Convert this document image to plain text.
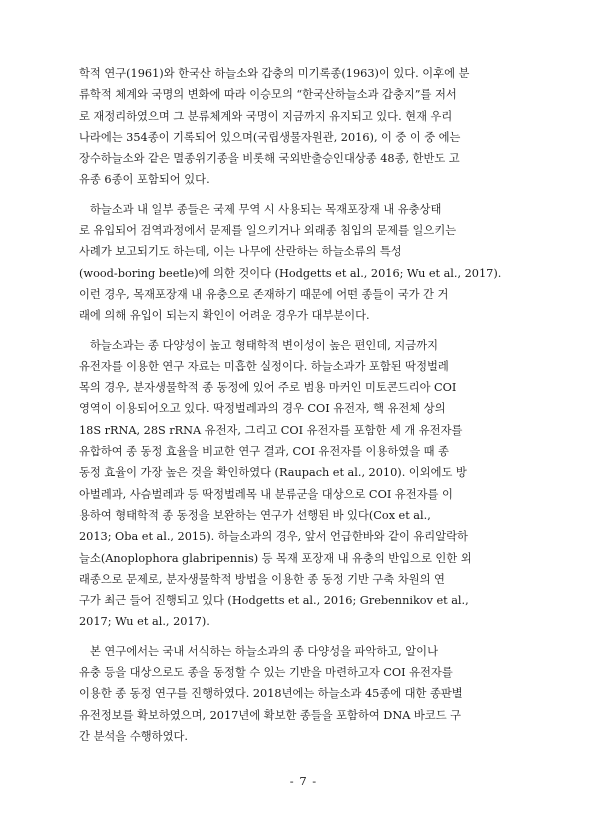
학적 연구(1961)와 한국산 하늘소와 갑충의 미기록종(1963)이 있다. 이후에 분
류학적 체계와 국명의 변화에 따라 이승모의 “한국산하늘소과 갑충지”를 저서
로 재정리하였으며 그 분류체계와 국명이 지금까지 유지되고 있다. 현재 우리
나라에는 354종이 기록되어 있으며(국립생물자원관, 2016), 이 중 이 중 에는
장수하늘소와 같은 멸종위기종을 비롯해 국외반출승인대상종 48종, 한반도 고
유종 6종이 포함되어 있다.
하늘소과 내 일부 종들은 국제 무역 시 사용되는 목재포장재 내 유충상태
로 유입되어 검역과정에서 문제를 일으키거나 외래종 침입의 문제를 일으키는
사례가 보고되기도 하는데, 이는 나무에 산란하는 하늘소류의 특성
(wood-boring beetle)에 의한 것이다 (Hodgetts et al., 2016; Wu et al., 2017).
이런 경우, 목재포장재 내 유충으로 존재하기 때문에 어떤 종들이 국가 간 거
래에 의해 유입이 되는지 확인이 어려운 경우가 대부분이다.
하늘소과는 종 다양성이 높고 형태학적 변이성이 높은 편인데, 지금까지
유전자를 이용한 연구 자료는 미흡한 실정이다. 하늘소과가 포함된 딱정벌레
목의 경우, 분자생물학적 종 동정에 있어 주로 범용 마커인 미토콘드리아 COI
영역이 이용되어오고 있다. 딱정벌레과의 경우 COI 유전자, 핵 유전체 상의
18S rRNA, 28S rRNA 유전자, 그리고 COI 유전자를 포함한 세 개 유전자를
유합하여 종 동정 효율을 비교한 연구 결과, COI 유전자를 이용하였을 때 종
동정 효율이 가장 높은 것을 확인하였다 (Raupach et al., 2010). 이외에도 방
아벌레과, 사슴벌레과 등 딱정벌레목 내 분류군을 대상으로 COI 유전자를 이
용하여 형태학적 종 동정을 보완하는 연구가 선행된 바 있다(Cox et al.,
2013; Oba et al., 2015). 하늘소과의 경우, 앞서 언급한바와 같이 유리알락하
늘소(Anoplophora glabripennis) 등 목재 포장재 내 유충의 반입으로 인한 외
래종으로 문제로, 분자생물학적 방법을 이용한 종 동정 기반 구축 차원의 연
구가 최근 들어 진행되고 있다 (Hodgetts et al., 2016; Grebennikov et al.,
2017; Wu et al., 2017).
본 연구에서는 국내 서식하는 하늘소과의 종 다양성을 파악하고, 알이나
유충 등을 대상으로도 종을 동정할 수 있는 기반을 마련하고자 COI 유전자를
이용한 종 동정 연구를 진행하였다. 2018년에는 하늘소과 45종에 대한 종판별
유전정보를 확보하였으며, 2017년에 확보한 종들을 포함하여 DNA 바코드 구
간 분석을 수행하였다.
- 7 -
